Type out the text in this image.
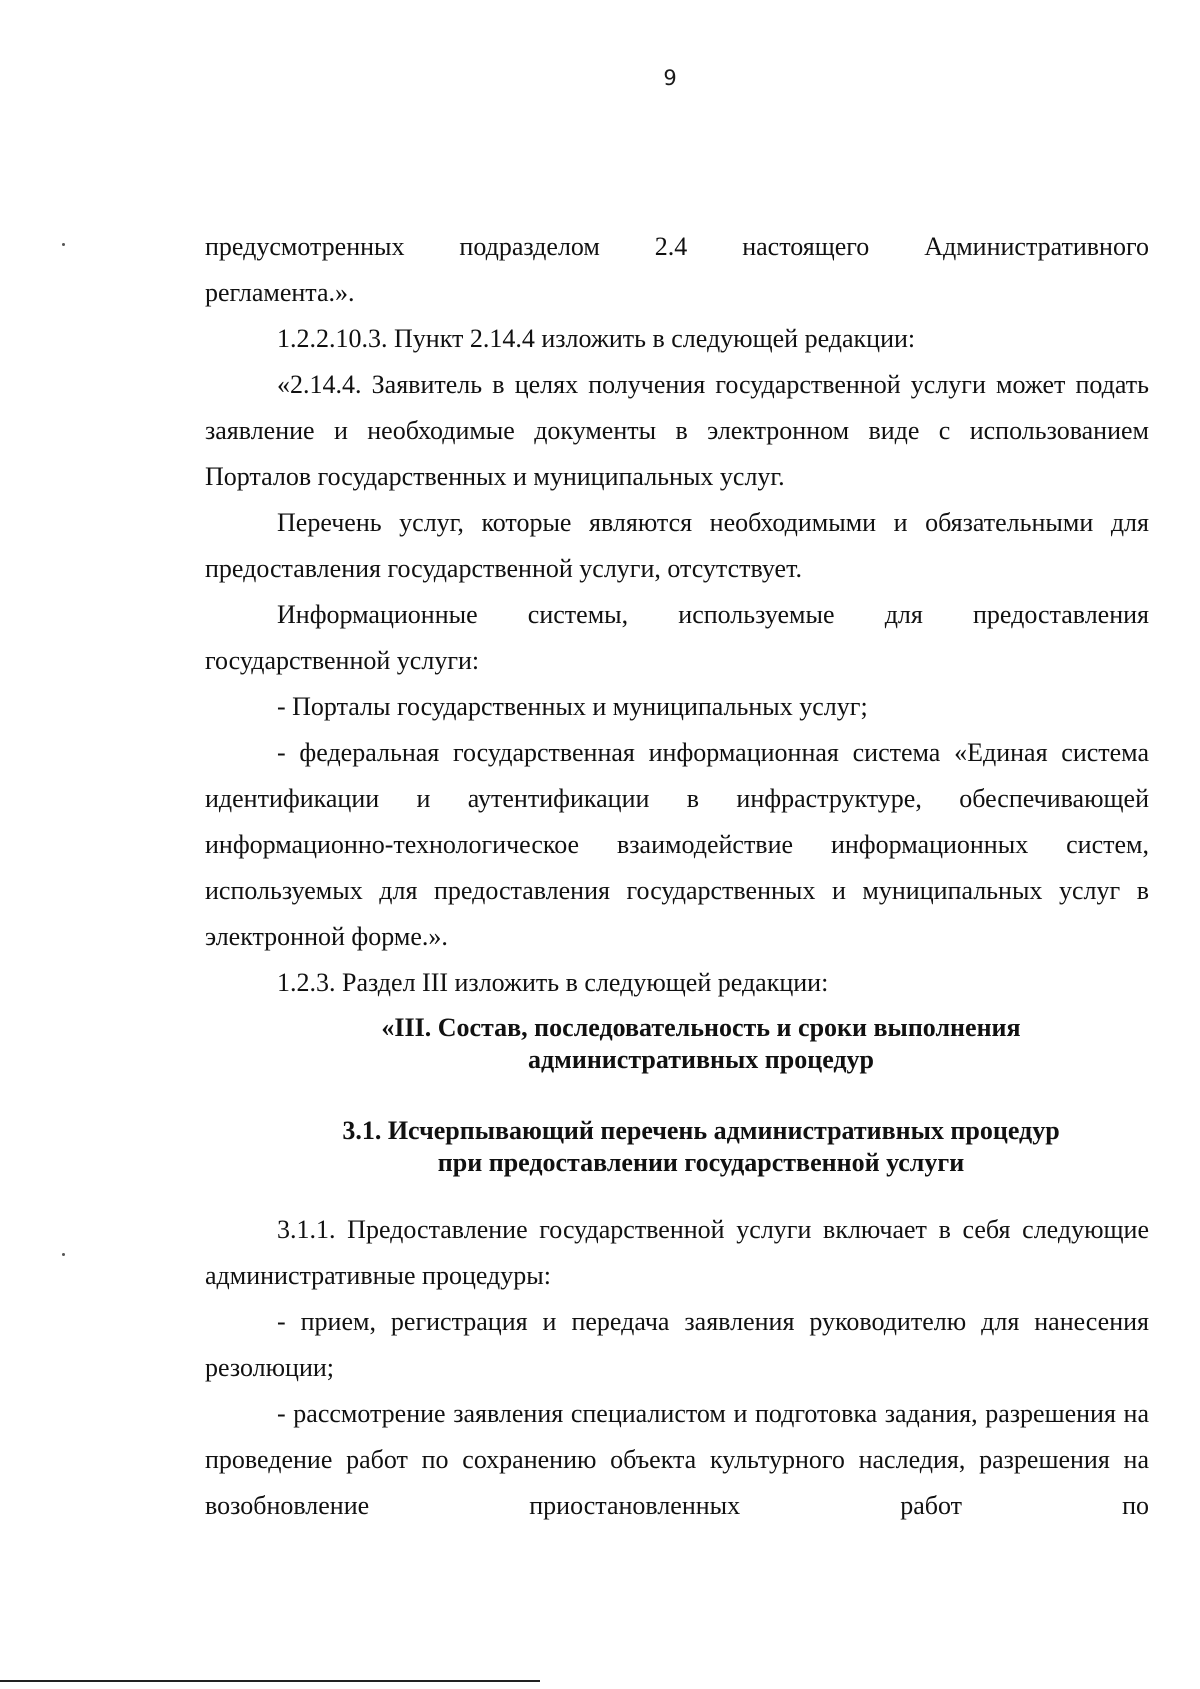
9

предусмотренных подразделом 2.4 настоящего Административного

регламента.».

1.2.2.10.3. Пункт 2.14.4 изложить в следующей редакции:

«2.14.4. Заявитель в целях получения государственной услуги может подать заявление и необходимые документы в электронном виде с использованием Порталов государственных и муниципальных услуг.

Перечень услуг, которые являются необходимыми и обязательными для предоставления государственной услуги, отсутствует.

Информационные системы, используемые для предоставления государственной услуги:

- Порталы государственных и муниципальных услуг;

- федеральная государственная информационная система «Единая система идентификации и аутентификации в инфраструктуре, обеспечивающей информационно-технологическое взаимодействие информационных систем, используемых для предоставления государственных и муниципальных услуг в электронной форме.».

1.2.3. Раздел III изложить в следующей редакции:

«III. Состав, последовательность и сроки выполнения
административных процедур

3.1. Исчерпывающий перечень административных процедур
при предоставлении государственной услуги

3.1.1. Предоставление государственной услуги включает в себя следующие административные процедуры:

- прием, регистрация и передача заявления руководителю для нанесения резолюции;

- рассмотрение заявления специалистом и подготовка задания, разрешения на проведение работ по сохранению объекта культурного наследия, разрешения на возобновление приостановленных работ по
